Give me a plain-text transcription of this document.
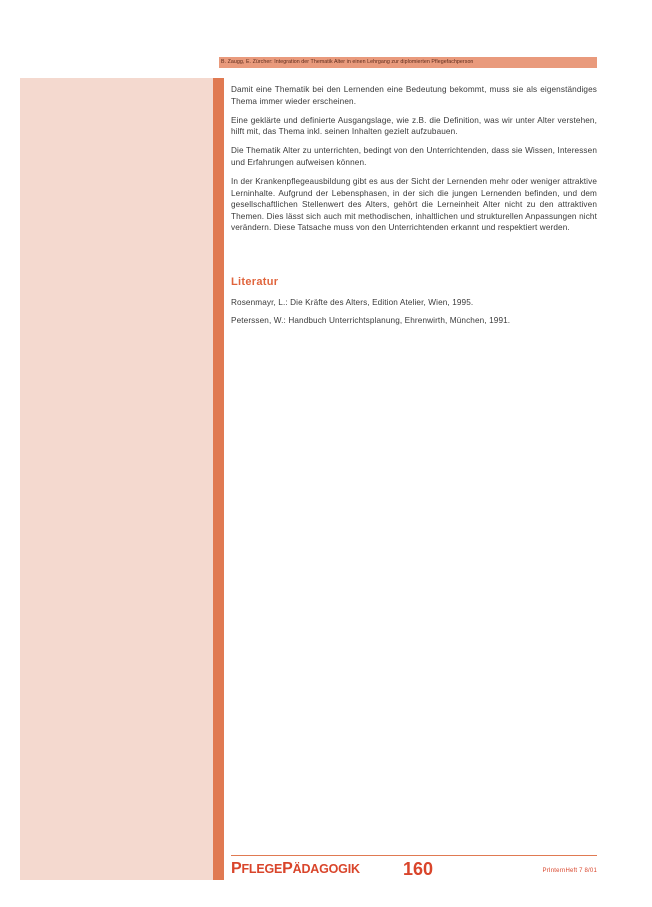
B. Zaugg, E. Zürcher: Integration der Thematik Alter in einen Lehrgang zur diplomierten Pflegefachperson

Damit eine Thematik bei den Lernenden eine Bedeutung bekommt, muss sie als eigenständiges Thema immer wieder erscheinen.

Eine geklärte und definierte Ausgangslage, wie z.B. die Definition, was wir unter Alter verstehen, hilft mit, das Thema inkl. seinen Inhalten gezielt aufzubauen.

Die Thematik Alter zu unterrichten, bedingt von den Unterrichtenden, dass sie Wissen, Interessen und Erfahrungen aufweisen können.

In der Krankenpflegeausbildung gibt es aus der Sicht der Lernenden mehr oder weniger attraktive Lerninhalte. Aufgrund der Lebensphasen, in der sich die jungen Lernenden befinden, und dem gesellschaftlichen Stellenwert des Alters, gehört die Lerneinheit Alter nicht zu den attraktiven Themen. Dies lässt sich auch mit methodischen, inhaltlichen und strukturellen Anpassungen nicht verändern. Diese Tatsache muss von den Unterrichtenden erkannt und respektiert werden.

Literatur

Rosenmayr, L.: Die Kräfte des Alters, Edition Atelier, Wien, 1995.

Peterssen, W.: Handbuch Unterrichtsplanung, Ehrenwirth, München, 1991.

PFLEGEPÄDAGOGIK 160	PrInternHeft 7 8/01
